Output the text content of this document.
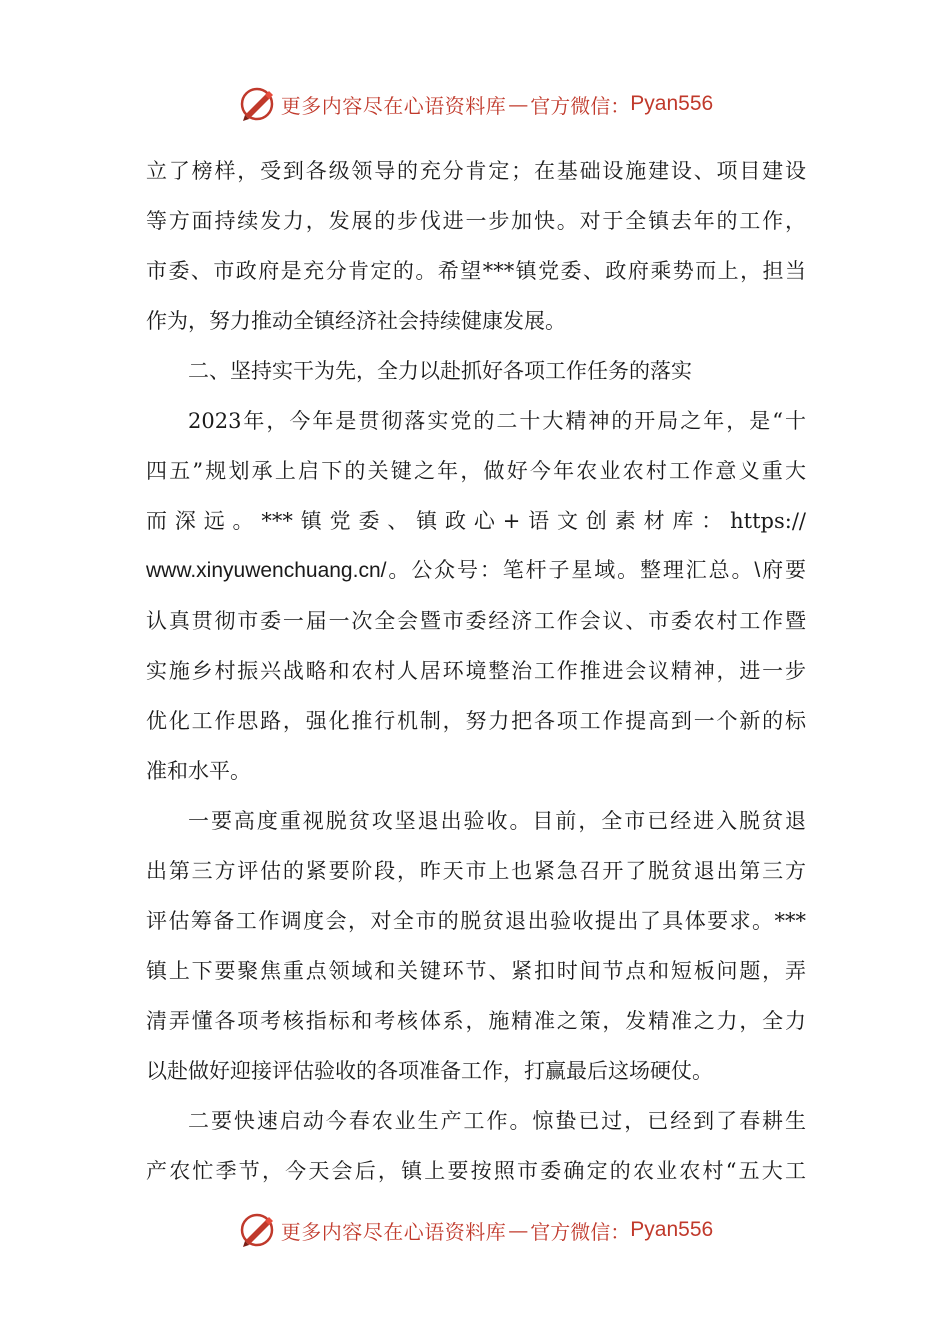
更多内容尽在心语资料库 — 官方微信： Pyan556
立了榜样，受到各级领导的充分肯定；在基础设施建设、项目建设
等方面持续发力，发展的步伐进一步加快。对于全镇去年的工作，
市委、市政府是充分肯定的。希望***镇党委、政府乘势而上，担当
作为，努力推动全镇经济社会持续健康发展。
二、坚持实干为先，全力以赴抓好各项工作任务的落实
2023年，今年是贯彻落实党的二十大精神的开局之年，是“十
四五”规划承上启下的关键之年，做好今年农业农村工作意义重大
而深远。***镇党委、镇政心+语文创素材库：https://
www.xinyuwenchuang.cn/。公众号：笔杆子星域。整理汇总。\府要
认真贯彻市委一届一次全会暨市委经济工作会议、市委农村工作暨
实施乡村振兴战略和农村人居环境整治工作推进会议精神，进一步
优化工作思路，强化推行机制，努力把各项工作提高到一个新的标
准和水平。
一要高度重视脱贫攻坚退出验收。目前，全市已经进入脱贫退
出第三方评估的紧要阶段，昨天市上也紧急召开了脱贫退出第三方
评估筹备工作调度会，对全市的脱贫退出验收提出了具体要求。***
镇上下要聚焦重点领域和关键环节、紧扣时间节点和短板问题，弄
清弄懂各项考核指标和考核体系，施精准之策，发精准之力，全力
以赴做好迎接评估验收的各项准备工作，打赢最后这场硬仗。
二要快速启动今春农业生产工作。惊蛰已过，已经到了春耕生
产农忙季节，今天会后，镇上要按照市委确定的农业农村“五大工
更多内容尽在心语资料库 — 官方微信： Pyan556
